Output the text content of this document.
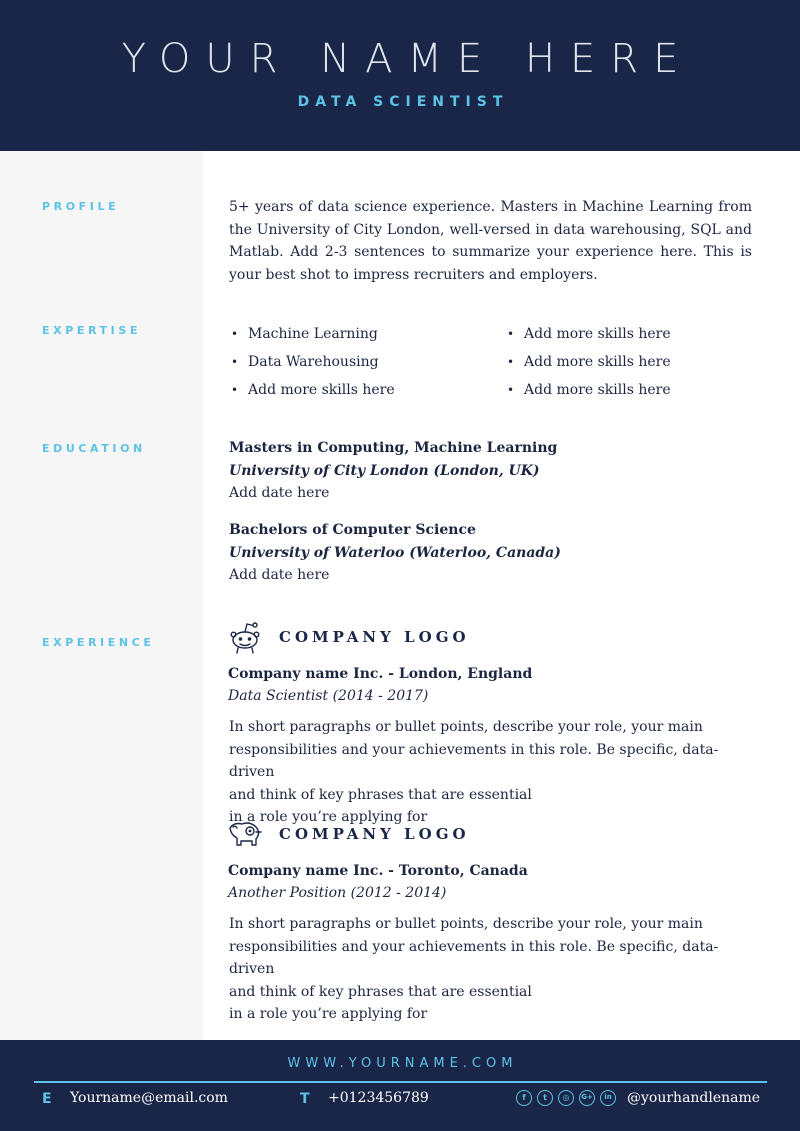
YOUR NAME HERE
DATA SCIENTIST
PROFILE
EXPERTISE
EDUCATION
EXPERIENCE
5+ years of data science experience. Masters in Machine Learning from the University of City London, well-versed in data warehousing, SQL and Matlab. Add 2-3 sentences to summarize your experience here. This is your best shot to impress recruiters and employers.
• Machine Learning
• Data Warehousing
• Add more skills here
• Add more skills here
• Add more skills here
• Add more skills here
Masters in Computing, Machine Learning
University of City London (London, UK)
Add date here
Bachelors of Computer Science
University of Waterloo (Waterloo, Canada)
Add date here
COMPANY LOGO
Company name Inc. - London, England
Data Scientist (2014 - 2017)
In short paragraphs or bullet points, describe your role, your main
responsibilities and your achievements in this role. Be specific, data-driven
and think of key phrases that are essential
in a role you’re applying for
COMPANY LOGO
Company name Inc. - Toronto, Canada
Another Position (2012 - 2014)
In short paragraphs or bullet points, describe your role, your main
responsibilities and your achievements in this role. Be specific, data-driven
and think of key phrases that are essential
in a role you’re applying for
WWW.YOURNAME.COM
E Yourname@email.com	T +0123456789	f	t	◎	G+	in	@yourhandlename
